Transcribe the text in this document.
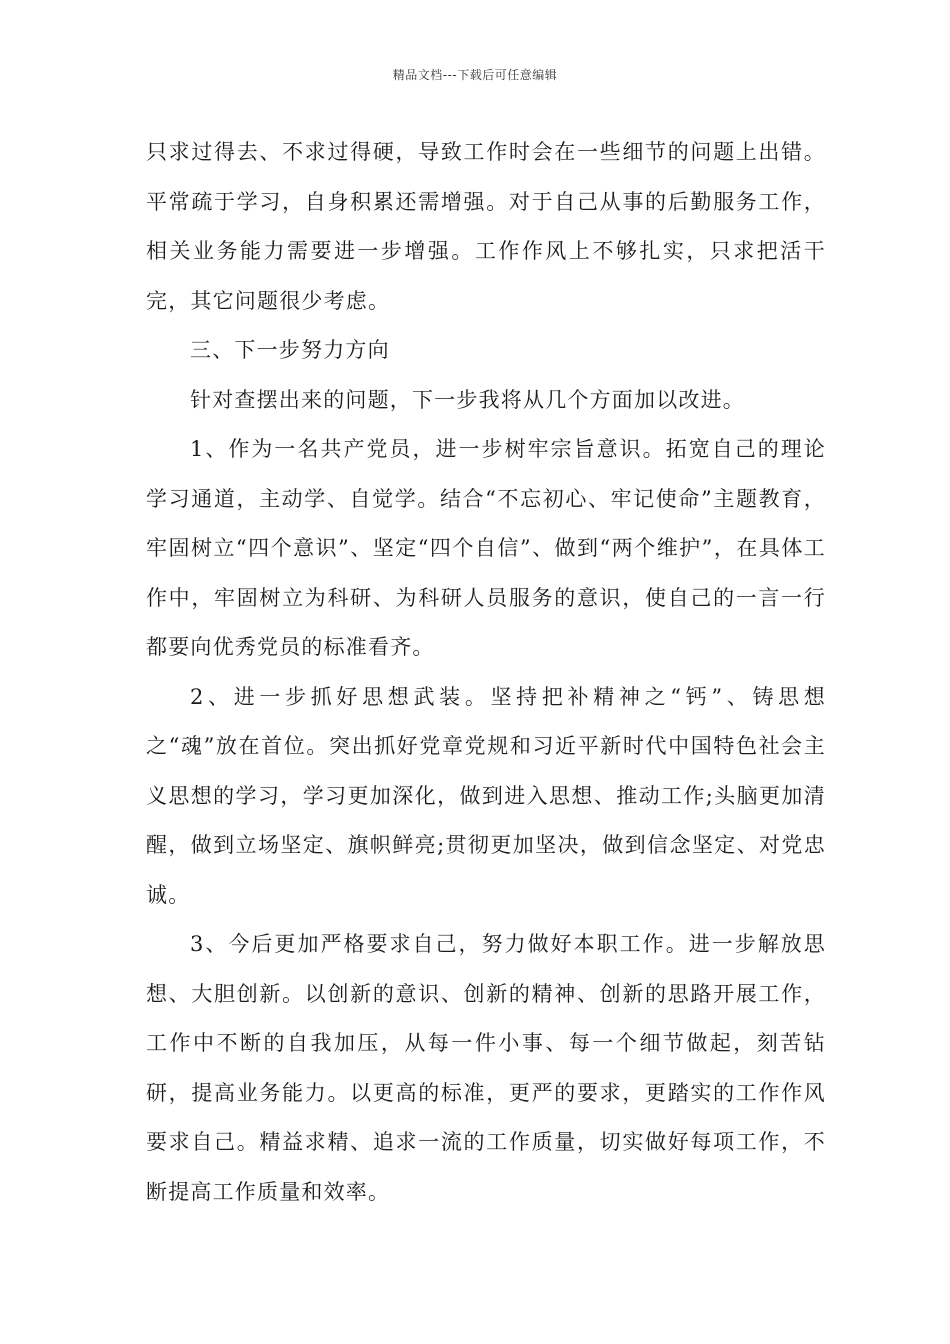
精品文档---下载后可任意编辑

只求过得去、不求过得硬，导致工作时会在一些细节的问题上出错。平常疏于学习，自身积累还需增强。对于自己从事的后勤服务工作，相关业务能力需要进一步增强。工作作风上不够扎实，只求把活干完，其它问题很少考虑。

三、下一步努力方向

针对查摆出来的问题，下一步我将从几个方面加以改进。

1、作为一名共产党员，进一步树牢宗旨意识。拓宽自己的理论学习通道，主动学、自觉学。结合“不忘初心、牢记使命”主题教育，牢固树立“四个意识”、坚定“四个自信”、做到“两个维护”，在具体工作中，牢固树立为科研、为科研人员服务的意识，使自己的一言一行都要向优秀党员的标准看齐。

2、进一步抓好思想武装。坚持把补精神之“钙”、铸思想之“魂”放在首位。突出抓好党章党规和习近平新时代中国特色社会主义思想的学习，学习更加深化，做到进入思想、推动工作;头脑更加清醒，做到立场坚定、旗帜鲜亮;贯彻更加坚决，做到信念坚定、对党忠诚。

3、今后更加严格要求自己，努力做好本职工作。进一步解放思想、大胆创新。以创新的意识、创新的精神、创新的思路开展工作，工作中不断的自我加压，从每一件小事、每一个细节做起，刻苦钻研，提高业务能力。以更高的标准，更严的要求，更踏实的工作作风要求自己。精益求精、追求一流的工作质量，切实做好每项工作，不断提高工作质量和效率。
